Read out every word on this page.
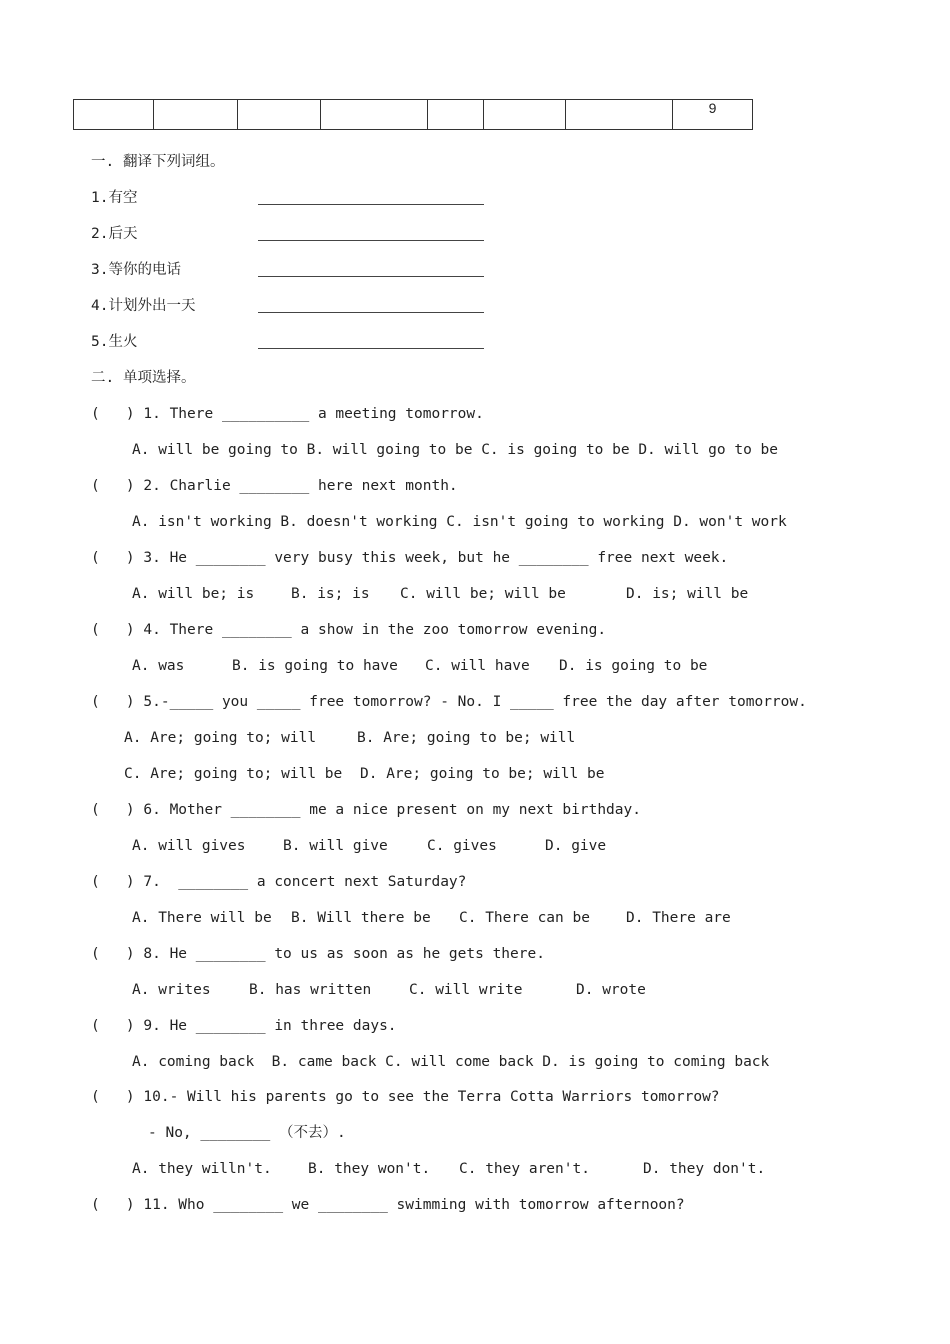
							9
一. 翻译下列词组。
1.有空
2.后天
3.等你的电话
4.计划外出一天
5.生火
二. 单项选择。
(   ) 1. There __________ a meeting tomorrow.
A. will be going to B. will going to be C. is going to be D. will go to be
(   ) 2. Charlie ________ here next month.
A. isn't working B. doesn't working C. isn't going to working D. won't work
(   ) 3. He ________ very busy this week, but he ________ free next week.
A. will be; is	B. is; is C. will be; will be	D. is; will be
(   ) 4. There ________ a show in the zoo tomorrow evening.
A. was	B. is going to have C. will have D. is going to be
(   ) 5.-_____ you _____ free tomorrow? - No. I _____ free the day after tomorrow.
A. Are; going to; will	B. Are; going to be; will
C. Are; going to; will be D. Are; going to be; will be
(   ) 6. Mother ________ me a nice present on my next birthday.
A. will gives	B. will give	C. gives	D. give
(   ) 7.  ________ a concert next Saturday?
A. There will be B. Will there be C. There can be D. There are
(   ) 8. He ________ to us as soon as he gets there.
A. writes	B. has written	C. will write	D. wrote
(   ) 9. He ________ in three days.
A. coming back  B. came back C. will come back D. is going to coming back
(   ) 10.- Will his parents go to see the Terra Cotta Warriors tomorrow?
- No, ________ （不去）.
A. they willn't.	B. they won't. C. they aren't.	D. they don't.
(   ) 11. Who ________ we ________ swimming with tomorrow afternoon?
